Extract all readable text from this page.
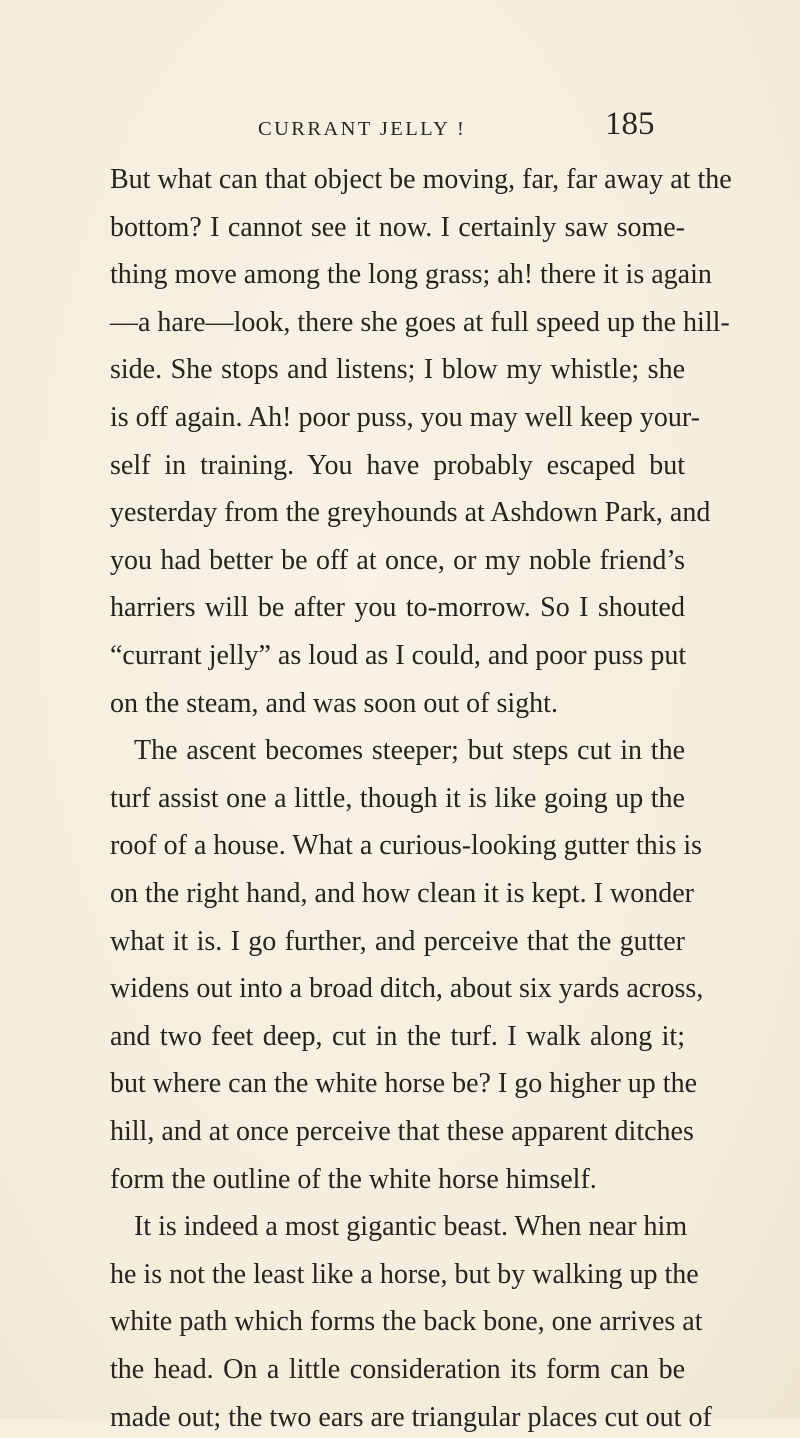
CURRANT JELLY !	185
But what can that object be moving, far, far away at the
bottom? I cannot see it now. I certainly saw some-
thing move among the long grass; ah! there it is again
—a hare—look, there she goes at full speed up the hill-
side. She stops and listens; I blow my whistle; she
is off again. Ah! poor puss, you may well keep your-
self in training. You have probably escaped but
yesterday from the greyhounds at Ashdown Park, and
you had better be off at once, or my noble friend’s
harriers will be after you to-morrow. So I shouted
“currant jelly” as loud as I could, and poor puss put
on the steam, and was soon out of sight.
The ascent becomes steeper; but steps cut in the
turf assist one a little, though it is like going up the
roof of a house. What a curious-looking gutter this is
on the right hand, and how clean it is kept. I wonder
what it is. I go further, and perceive that the gutter
widens out into a broad ditch, about six yards across,
and two feet deep, cut in the turf. I walk along it;
but where can the white horse be? I go higher up the
hill, and at once perceive that these apparent ditches
form the outline of the white horse himself.
It is indeed a most gigantic beast. When near him
he is not the least like a horse, but by walking up the
white path which forms the back bone, one arrives at
the head. On a little consideration its form can be
made out; the two ears are triangular places cut out of
